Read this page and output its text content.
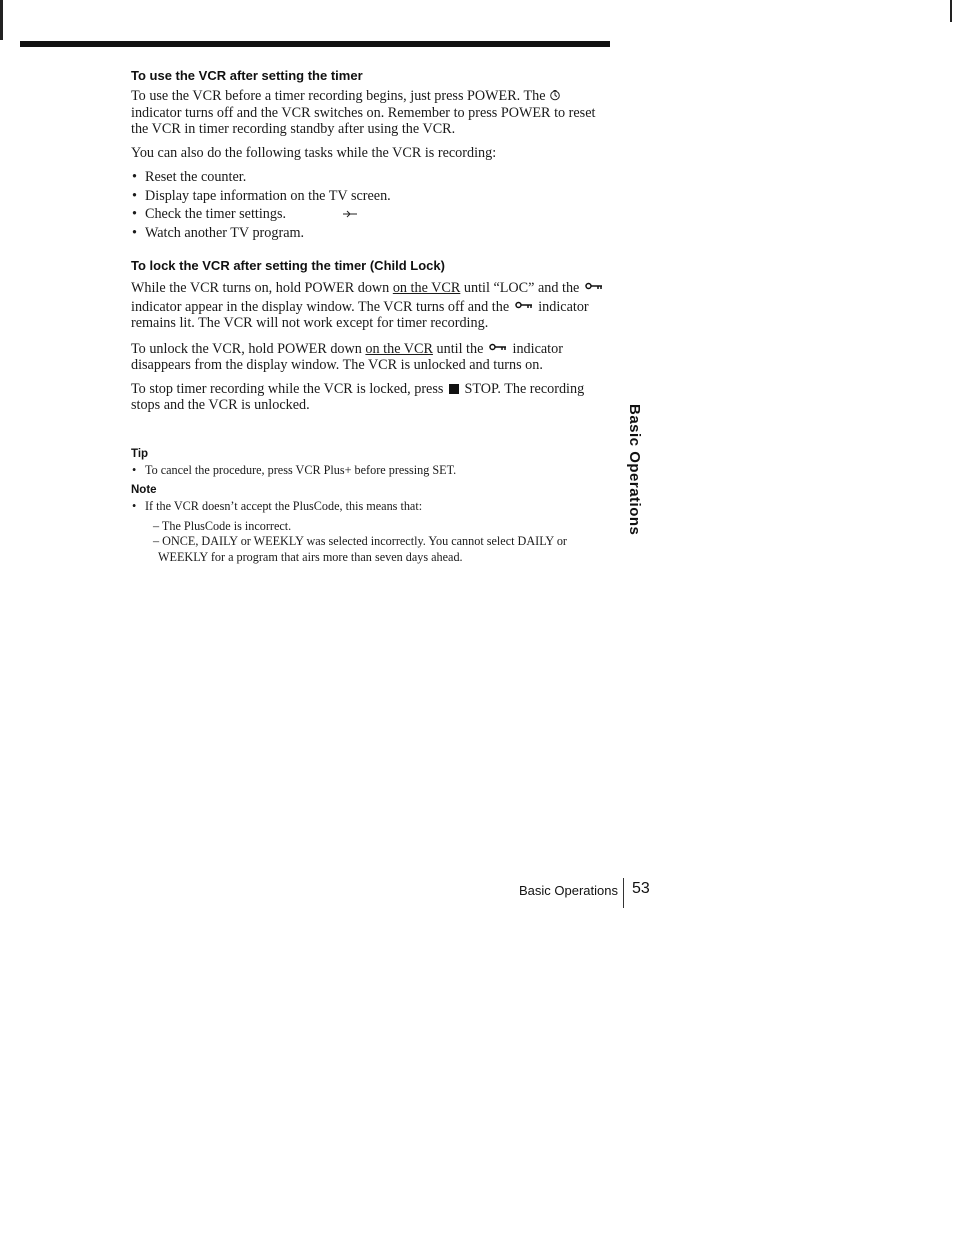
To use the VCR after setting the timer

To use the VCR before a timer recording begins, just press POWER. The  indicator turns off and the VCR switches on. Remember to press POWER to reset the VCR in timer recording standby after using the VCR.

You can also do the following tasks while the VCR is recording:

• Reset the counter.
• Display tape information on the TV screen.
• Check the timer settings.
• Watch another TV program.
To lock the VCR after setting the timer (Child Lock)

While the VCR turns on, hold POWER down on the VCR until “LOC” and the  indicator appear in the display window. The VCR turns off and the  indicator remains lit. The VCR will not work except for timer recording.

To unlock the VCR, hold POWER down on the VCR until the  indicator disappears from the display window. The VCR is unlocked and turns on.

To stop timer recording while the VCR is locked, press  STOP. The recording stops and the VCR is unlocked.

Tip
• To cancel the procedure, press VCR Plus+ before pressing SET.
Note
• If the VCR doesn’t accept the PlusCode, this means that:
– The PlusCode is incorrect.
– ONCE, DAILY or WEEKLY was selected incorrectly. You cannot select DAILY or WEEKLY for a program that airs more than seven days ahead.
Basic Operations
Basic Operations 53
